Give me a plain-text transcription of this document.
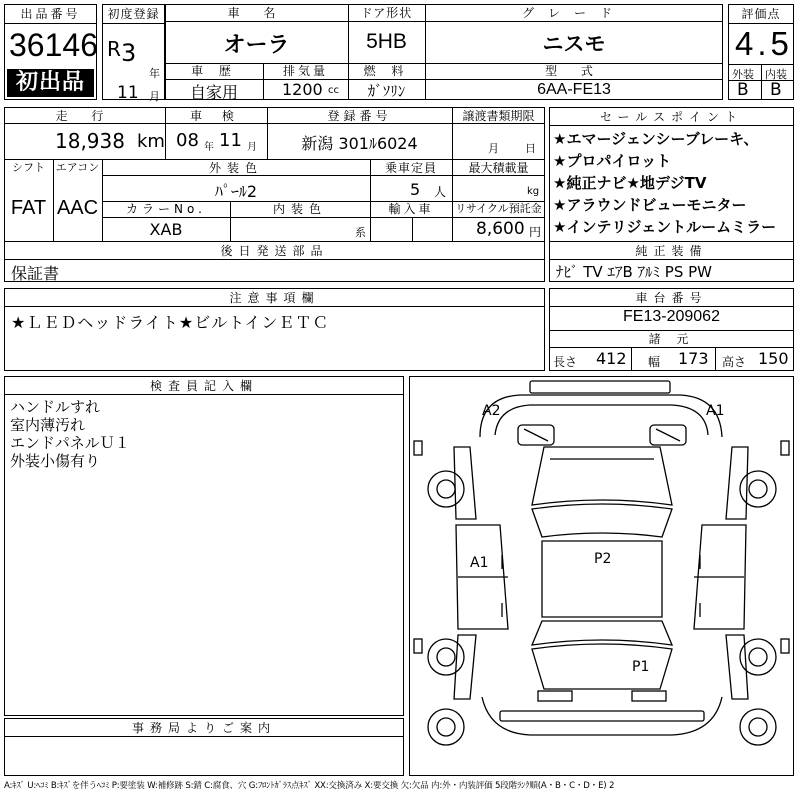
出品番号
36146
初出品
初度登録
R 3
年
11 月
車 名
オーラ
ドア形状
5HB
グレード
ニスモ
車 歴
自家用
排気量
1200 cc
燃 料
ｶﾞｿﾘﾝ
型 式
6AA-FE13
評価点
4.5
外装 内装
B B
走 行
18,938 km
車 検
08 年 11 月
登録番号
新潟 301ﾙ6024
譲渡書類期限
月 日
シフト
FAT
エアコン
AAC
外装色
ﾊﾟｰﾙ2
乗車定員
5 人
最大積載量
kg
カラーNo.
XAB
内装色
系
輸入車	リサイクル預託金
8,600 円
後日発送部品
保証書
セールスポイント
★エマージェンシーブレーキ、
★プロパイロット
★純正ナビ★地デジTV
★アラウンドビューモニター
★インテリジェントルームミラー
純正装備
ﾅﾋﾞ TV ｴｱB ｱﾙﾐ PS PW
注意事項欄
★ＬＥＤヘッドライト★ビルトインＥＴＣ
車台番号
FE13-209062
諸 元
長さ 412 幅 173 高さ 150
検査員記入欄
ハンドルすれ
室内薄汚れ
エンドパネルＵ１
外装小傷有り
事務局よりご案内
A2	A1
A1	P2
P1
A:ｷｽﾞ U:ﾍｺﾐ B:ｷｽﾞを伴うﾍｺﾐ P:要塗装 W:補修跡 S:錆 C:腐食、穴 G:ﾌﾛﾝﾄｶﾞﾗｽ点ｷｽﾞ XX:交換済み X:要交換 欠:欠品 内:外・内装評価 5段階ﾗﾝｸ順(A・B・C・D・E) 2
